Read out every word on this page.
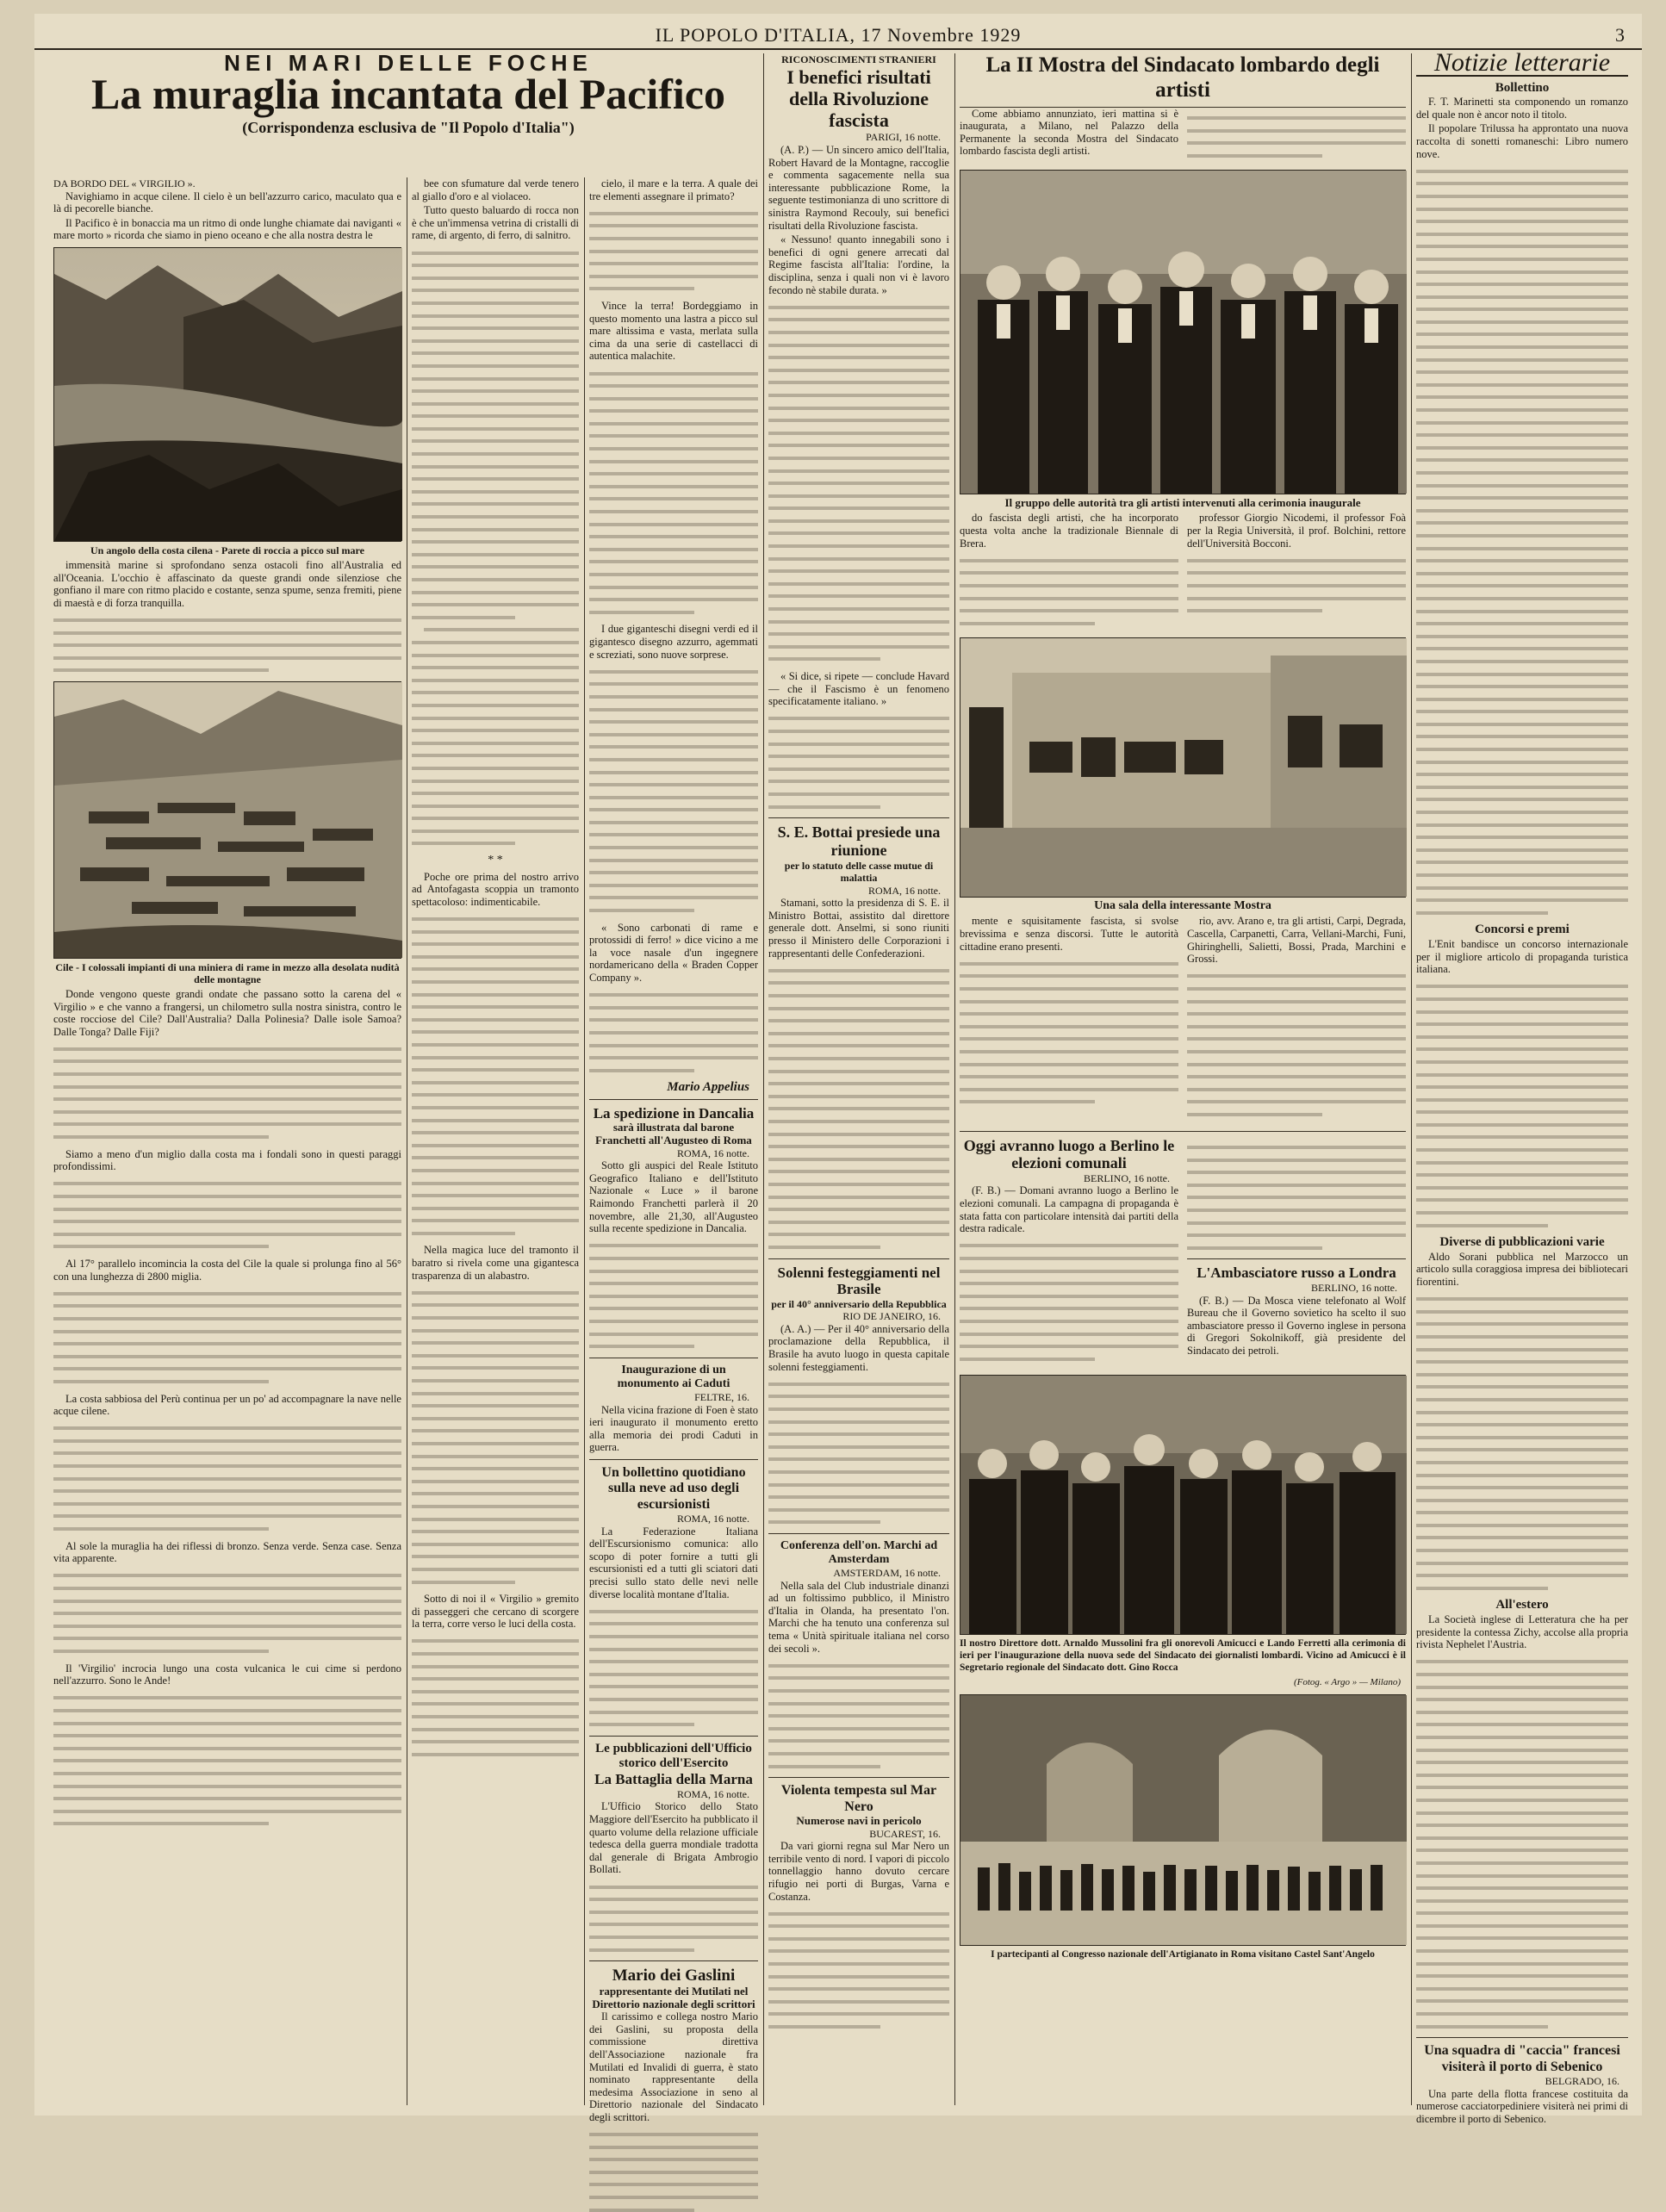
IL POPOLO D'ITALIA, 17 Novembre 1929	3
NEI MARI DELLE FOCHE
La muraglia incantata del Pacifico
(Corrispondenza esclusiva de "Il Popolo d'Italia")
DA BORDO DEL « VIRGILIO ».

Navighiamo in acque cilene. Il cielo è un bell'azzurro carico, maculato qua e là di pecorelle bianche.

Il Pacifico è in bonaccia ma un ritmo di onde lunghe chiamate dai naviganti « mare morto » ricorda che siamo in pieno oceano e che alla nostra destra le

Un angolo della costa cilena - Parete di roccia a picco sul mare

immensità marine si sprofondano senza ostacoli fino all'Australia ed all'Oceania. L'occhio è affascinato da queste grandi onde silenziose che gonfiano il mare con ritmo placido e costante, senza spume, senza fremiti, piene di maestà e di forza tranquilla.

Cile - I colossali impianti di una miniera di rame in mezzo alla desolata nudità delle montagne

Donde vengono queste grandi ondate che passano sotto la carena del « Virgilio » e che vanno a frangersi, un chilometro sulla nostra sinistra, contro le coste rocciose del Cile? Dall'Australia? Dalla Polinesia? Dalle isole Samoa? Dalle Tonga? Dalle Fiji?

Siamo a meno d'un miglio dalla costa ma i fondali sono in questi paraggi profondissimi.

Al 17° parallelo incomincia la costa del Cile la quale si prolunga fino al 56° con una lunghezza di 2800 miglia.

La costa sabbiosa del Perù continua per un po' ad accompagnare la nave nelle acque cilene.

Al sole la muraglia ha dei riflessi di bronzo. Senza verde. Senza case. Senza vita apparente.

Il 'Virgilio' incrocia lungo una costa vulcanica le cui cime si perdono nell'azzurro. Sono le Ande!

bee con sfumature dal verde tenero al giallo d'oro e al violaceo.

Tutto questo baluardo di rocca non è che un'immensa vetrina di cristalli di rame, di argento, di ferro, di salnitro.

* *

Poche ore prima del nostro arrivo ad Antofagasta scoppia un tramonto spettacoloso: indimenticabile.

Nella magica luce del tramonto il baratro si rivela come una gigantesca trasparenza di un alabastro.

Sotto di noi il « Virgilio » gremito di passeggeri che cercano di scorgere la terra, corre verso le luci della costa.

cielo, il mare e la terra. A quale dei tre elementi assegnare il primato?

Vince la terra! Bordeggiamo in questo momento una lastra a picco sul mare altissima e vasta, merlata sulla cima da una serie di castellacci di autentica malachite.

I due giganteschi disegni verdi ed il gigantesco disegno azzurro, agemmati e screziati, sono nuove sorprese.

« Sono carbonati di rame e protossidi di ferro! » dice vicino a me la voce nasale d'un ingegnere nordamericano della « Braden Copper Company ».

Mario Appelius
La spedizione in Dancalia
sarà illustrata dal barone Franchetti all'Augusteo di Roma
ROMA, 16 notte.

Sotto gli auspici del Reale Istituto Geografico Italiano e dell'Istituto Nazionale « Luce » il barone Raimondo Franchetti parlerà il 20 novembre, alle 21,30, all'Augusteo sulla recente spedizione in Dancalia.

Inaugurazione di un monumento ai Caduti
FELTRE, 16.

Nella vicina frazione di Foen è stato ieri inaugurato il monumento eretto alla memoria dei prodi Caduti in guerra.

Un bollettino quotidiano sulla neve ad uso degli escursionisti
ROMA, 16 notte.

La Federazione Italiana dell'Escursionismo comunica: allo scopo di poter fornire a tutti gli escursionisti ed a tutti gli sciatori dati precisi sullo stato delle nevi nelle diverse località montane d'Italia.

Le pubblicazioni dell'Ufficio storico dell'Esercito
La Battaglia della Marna
ROMA, 16 notte.

L'Ufficio Storico dello Stato Maggiore dell'Esercito ha pubblicato il quarto volume della relazione ufficiale tedesca della guerra mondiale tradotta dal generale di Brigata Ambrogio Bollati.

Mario dei Gaslini
rappresentante dei Mutilati nel Direttorio nazionale degli scrittori

Il carissimo e collega nostro Mario dei Gaslini, su proposta della commissione direttiva dell'Associazione nazionale fra Mutilati ed Invalidi di guerra, è stato nominato rappresentante della medesima Associazione in seno al Direttorio nazionale del Sindacato degli scrittori.

RICONOSCIMENTI STRANIERI
I benefici risultati della Rivoluzione fascista
PARIGI, 16 notte.

(A. P.) — Un sincero amico dell'Italia, Robert Havard de la Montagne, raccoglie e commenta sagacemente nella sua interessante pubblicazione Rome, la seguente testimonianza di uno scrittore di sinistra Raymond Recouly, sui benefici risultati della Rivoluzione fascista.

« Nessuno! quanto innegabili sono i benefici di ogni genere arrecati dal Regime fascista all'Italia: l'ordine, la disciplina, senza i quali non vi è lavoro fecondo nè stabile durata. »

« Si dice, si ripete — conclude Havard — che il Fascismo è un fenomeno specificatamente italiano. »

S. E. Bottai presiede una riunione
per lo statuto delle casse mutue di malattia
ROMA, 16 notte.

Stamani, sotto la presidenza di S. E. il Ministro Bottai, assistito dal direttore generale dott. Anselmi, si sono riuniti presso il Ministero delle Corporazioni i rappresentanti delle Confederazioni.

Solenni festeggiamenti nel Brasile
per il 40° anniversario della Repubblica
RIO DE JANEIRO, 16.

(A. A.) — Per il 40° anniversario della proclamazione della Repubblica, il Brasile ha avuto luogo in questa capitale solenni festeggiamenti.

Conferenza dell'on. Marchi ad Amsterdam
AMSTERDAM, 16 notte.

Nella sala del Club industriale dinanzi ad un foltissimo pubblico, il Ministro d'Italia in Olanda, ha presentato l'on. Marchi che ha tenuto una conferenza sul tema « Unità spirituale italiana nel corso dei secoli ».

Violenta tempesta sul Mar Nero
Numerose navi in pericolo
BUCAREST, 16.

Da vari giorni regna sul Mar Nero un terribile vento di nord. I vapori di piccolo tonnellaggio hanno dovuto cercare rifugio nei porti di Burgas, Varna e Costanza.

La II Mostra del Sindacato lombardo degli artisti

Come abbiamo annunziato, ieri mattina si è inaugurata, a Milano, nel Palazzo della Permanente la seconda Mostra del Sindacato lombardo fascista degli artisti.

Il gruppo delle autorità tra gli artisti intervenuti alla cerimonia inaugurale

do fascista degli artisti, che ha incorporato questa volta anche la tradizionale Biennale di Brera.

professor Giorgio Nicodemi, il professor Foà per la Regia Università, il prof. Bolchini, rettore dell'Università Bocconi.

Una sala della interessante Mostra

mente e squisitamente fascista, si svolse brevissima e senza discorsi. Tutte le autorità cittadine erano presenti.

rio, avv. Arano e, tra gli artisti, Carpi, Degrada, Cascella, Carpanetti, Carra, Vellani-Marchi, Funi, Ghiringhelli, Salietti, Bossi, Prada, Marchini e Grossi.

Oggi avranno luogo a Berlino le elezioni comunali
BERLINO, 16 notte.

(F. B.) — Domani avranno luogo a Berlino le elezioni comunali. La campagna di propaganda è stata fatta con particolare intensità dai partiti della destra radicale.

L'Ambasciatore russo a Londra
BERLINO, 16 notte.

(F. B.) — Da Mosca viene telefonato al Wolf Bureau che il Governo sovietico ha scelto il suo ambasciatore presso il Governo inglese in persona di Gregori Sokolnikoff, già presidente del Sindacato dei petroli.

Il nostro Direttore dott. Arnaldo Mussolini fra gli onorevoli Amicucci e Lando Ferretti alla cerimonia di ieri per l'inaugurazione della nuova sede del Sindacato dei giornalisti lombardi. Vicino ad Amicucci è il Segretario regionale del Sindacato dott. Gino Rocca
(Fotog. « Argo » — Milano)
I partecipanti al Congresso nazionale dell'Artigianato in Roma visitano Castel Sant'Angelo
Notizie letterarie
Bollettino

F. T. Marinetti sta componendo un romanzo del quale non è ancor noto il titolo.

Il popolare Trilussa ha approntato una nuova raccolta di sonetti romaneschi: Libro numero nove.

Concorsi e premi

L'Enit bandisce un concorso internazionale per il migliore articolo di propaganda turistica italiana.

Diverse di pubblicazioni varie

Aldo Sorani pubblica nel Marzocco un articolo sulla coraggiosa impresa dei bibliotecari fiorentini.

All'estero

La Società inglese di Letteratura che ha per presidente la contessa Zichy, accolse alla propria rivista Nephelet l'Austria.

Una squadra di "caccia" francesi visiterà il porto di Sebenico
BELGRADO, 16.

Una parte della flotta francese costituita da numerose cacciatorpediniere visiterà nei primi di dicembre il porto di Sebenico.
